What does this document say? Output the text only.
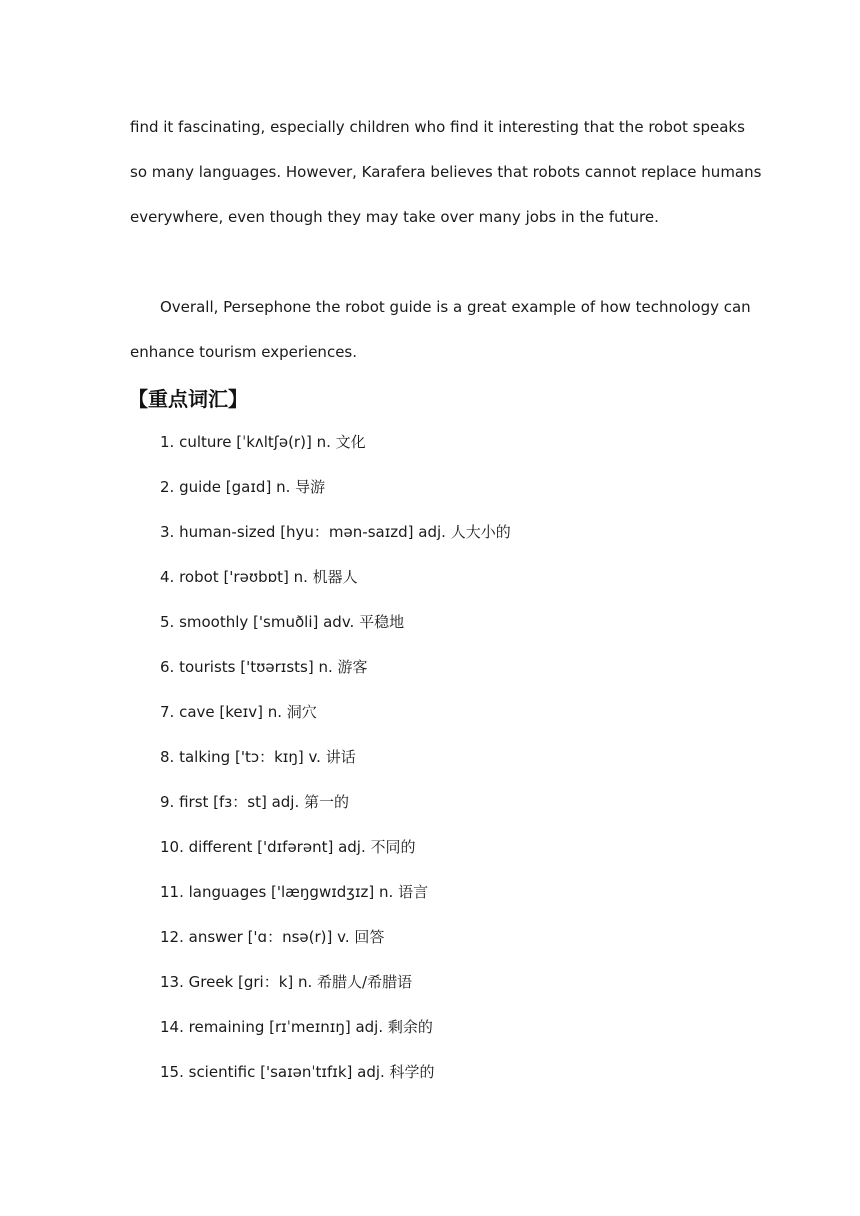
find it fascinating, especially children who find it interesting that the robot speaks
so many languages. However, Karafera believes that robots cannot replace humans
everywhere, even though they may take over many jobs in the future.
Overall, Persephone the robot guide is a great example of how technology can
enhance tourism experiences.
【重点词汇】
1. culture [ˈkʌltʃə(r)] n. 文化
2. guide [gaɪd] n. 导游
3. human-sized [hyu：mən-saɪzd] adj. 人大小的
4. robot ['rəʊbɒt] n. 机器人
5. smoothly ['smuðli] adv. 平稳地
6. tourists ['tʊərɪsts] n. 游客
7. cave [keɪv] n. 洞穴
8. talking ['tɔ：kɪŋ] v. 讲话
9. first [fɜ：st] adj. 第一的
10. different ['dɪfərənt] adj. 不同的
11. languages ['læŋgwɪdʒɪz] n. 语言
12. answer ['ɑ：nsə(r)] v. 回答
13. Greek [gri：k] n. 希腊人/希腊语
14. remaining [rɪˈmeɪnɪŋ] adj. 剩余的
15. scientific ['saɪənˈtɪfɪk] adj. 科学的
